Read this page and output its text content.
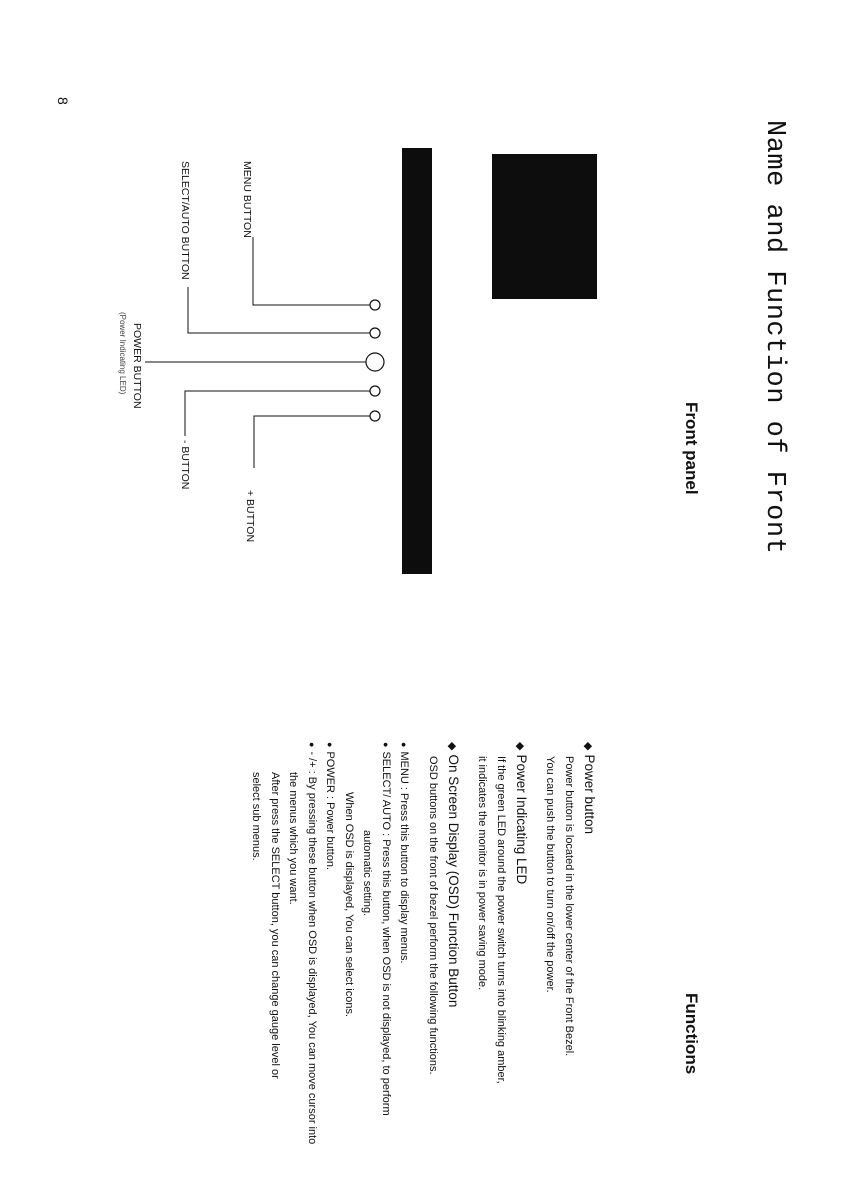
Name and Function of Front
Front panel
Functions
MENU BUTTON
SELECT/AUTO BUTTON
POWER BUTTON
(Power Indicating LED)
+ BUTTON
- BUTTON
◆Power button
Power button is located in the lower center of the Front Bezel.
You can push the button to turn on/off the power.
◆Power Indicating LED
If the green LED around the power switch turns into blinking amber,
it indicates the monitor is in power saving mode.
◆On Screen Display (OSD) Function Button
OSD buttons on the front of bezel perform the following functions.
●MENU : Press this button to display menus.
●SELECT/ AUTO : Press this button, when OSD is not displayed, to perform
automatic setting.
When OSD is displayed, You can select icons.
●POWER : Power button.
●- /+ : By pressing these button when OSD is displayed, You can move cursor into
the menus which you want.
After press the SELECT button, you can change gauge level or
select sub menus.
8
